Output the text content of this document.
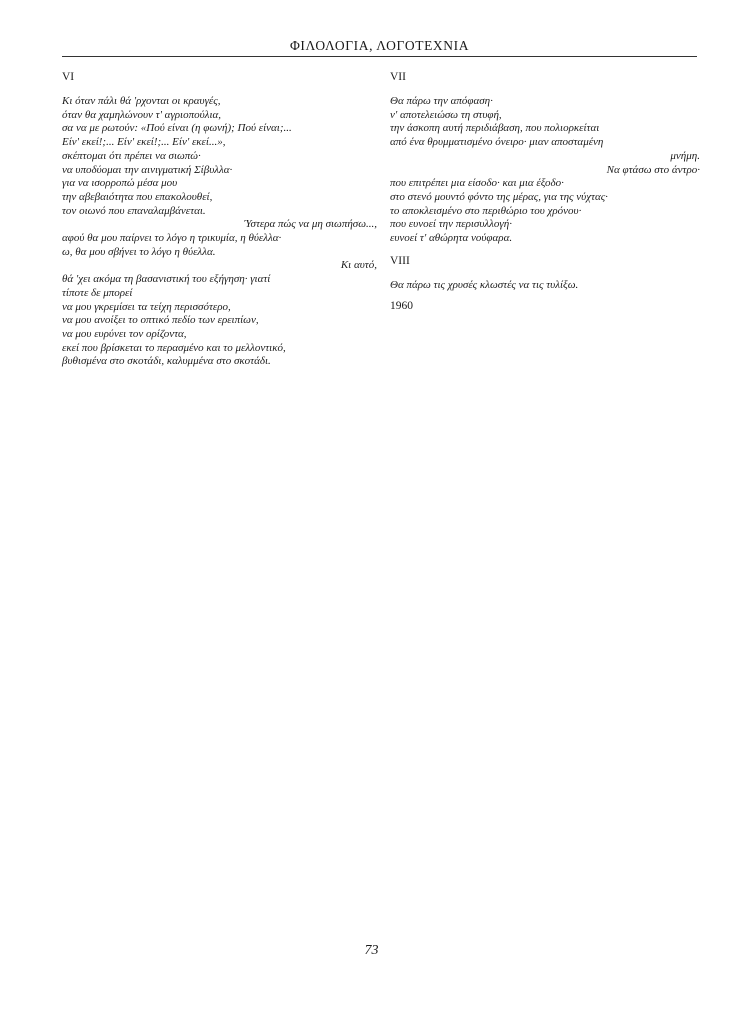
ΦΙΛΟΛΟΓΙΑ, ΛΟΓΟΤΕΧΝΙΑ
VI
Κι όταν πάλι θά 'ρχονται οι κραυγές,
όταν θα χαμηλώνουν τ' αγριοπούλια,
σα να με ρωτούν: «Πού είναι (η φωνή); Πού είναι;...
Είν' εκεί!;... Είν' εκεί!;... Είν' εκεί...»,
σκέπτομαι ότι πρέπει να σιωπώ·
να υποδύομαι την αινιγματική Σίβυλλα·
για να ισορροπώ μέσα μου
την αβεβαιότητα που επακολουθεί,
τον οιωνό που επαναλαμβάνεται.
Ύστερα πώς να μη σιωπήσω...,
αφού θα μου παίρνει το λόγο η τρικυμία, η θύελλα·
ω, θα μου σβήνει το λόγο η θύελλα.
Κι αυτό,
θά 'χει ακόμα τη βασανιστική του εξήγηση· γιατί
τίποτε δε μπορεί
να μου γκρεμίσει τα τείχη περισσότερο,
να μου ανοίξει το οπτικό πεδίο των ερειπίων,
να μου ευρύνει τον ορίζοντα,
εκεί που βρίσκεται το περασμένο και το μελλοντικό,
βυθισμένα στο σκοτάδι, καλυμμένα στο σκοτάδι.
VII
Θα πάρω την απόφαση·
ν' αποτελειώσω τη στυφή,
την άσκοπη αυτή περιδιάβαση, που πολιορκείται
από ένα θρυμματισμένο όνειρο· μιαν αποσταμένη
μνήμη.
Να φτάσω στο άντρο·
που επιτρέπει μια είσοδο· και μια έξοδο·
στο στενό μουντό φόντο της μέρας, για της νύχτας·
το αποκλεισμένο στο περιθώριο του χρόνου·
που ευνοεί την περισυλλογή·
ευνοεί τ' αθώρητα νούφαρα.
VIII
Θα πάρω τις χρυσές κλωστές να τις τυλίξω.
1960
73
